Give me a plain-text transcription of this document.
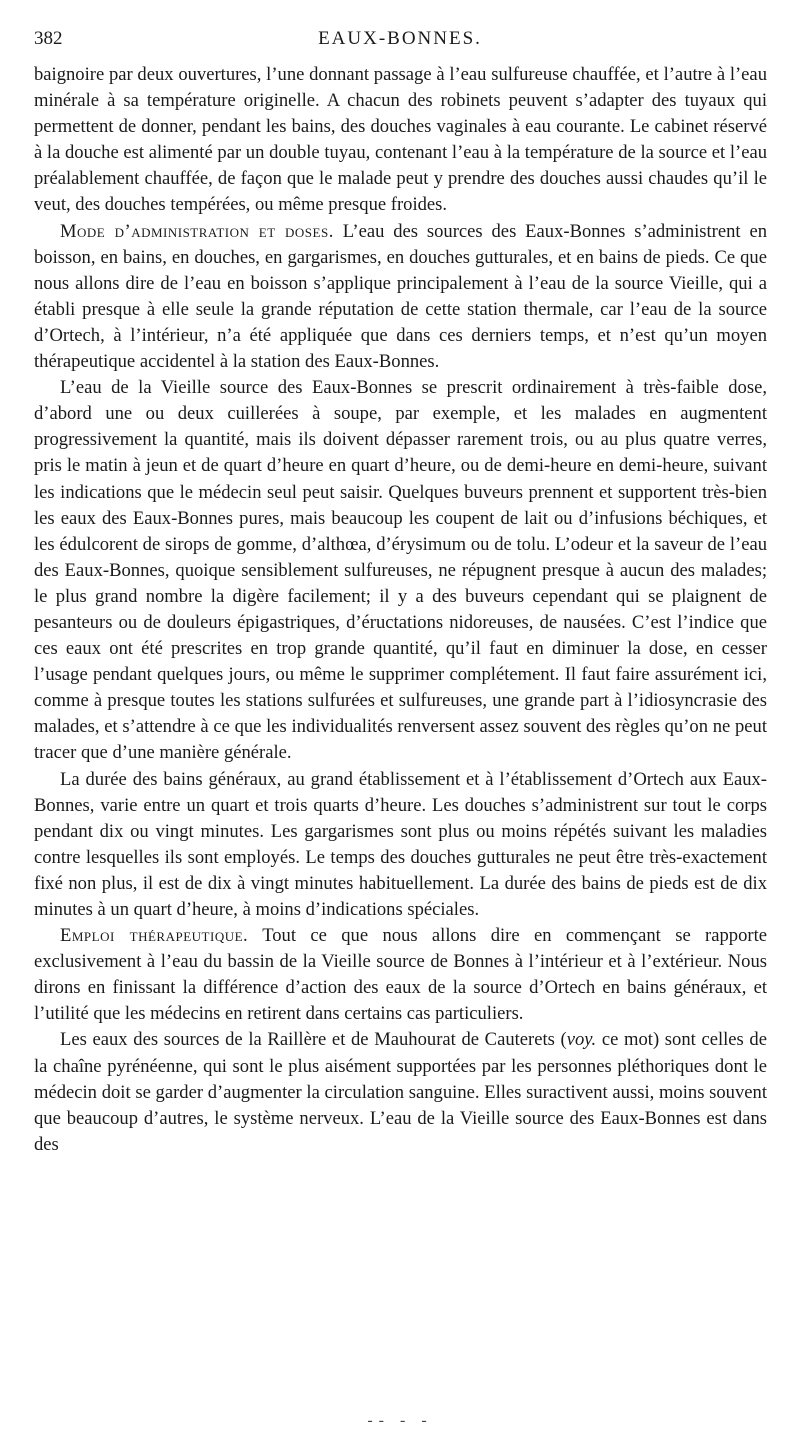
382	EAUX-BONNES.

baignoire par deux ouvertures, l’une donnant passage à l’eau sulfureuse chauffée, et l’autre à l’eau minérale à sa température originelle. A chacun des robinets peuvent s’adapter des tuyaux qui permettent de donner, pendant les bains, des douches vaginales à eau courante. Le cabinet réservé à la douche est alimenté par un double tuyau, contenant l’eau à la température de la source et l’eau préalablement chauffée, de façon que le malade peut y prendre des douches aussi chaudes qu’il le veut, des douches tempérées, ou même presque froides.

Mode d’administration et doses. L’eau des sources des Eaux-Bonnes s’administrent en boisson, en bains, en douches, en gargarismes, en douches gutturales, et en bains de pieds. Ce que nous allons dire de l’eau en boisson s’applique principalement à l’eau de la source Vieille, qui a établi presque à elle seule la grande réputation de cette station thermale, car l’eau de la source d’Ortech, à l’intérieur, n’a été appliquée que dans ces derniers temps, et n’est qu’un moyen thérapeutique accidentel à la station des Eaux-Bonnes.

L’eau de la Vieille source des Eaux-Bonnes se prescrit ordinairement à très-faible dose, d’abord une ou deux cuillerées à soupe, par exemple, et les malades en augmentent progressivement la quantité, mais ils doivent dépasser rarement trois, ou au plus quatre verres, pris le matin à jeun et de quart d’heure en quart d’heure, ou de demi-heure en demi-heure, suivant les indications que le médecin seul peut saisir. Quelques buveurs prennent et supportent très-bien les eaux des Eaux-Bonnes pures, mais beaucoup les coupent de lait ou d’infusions béchiques, et les édulcorent de sirops de gomme, d’althœa, d’érysimum ou de tolu. L’odeur et la saveur de l’eau des Eaux-Bonnes, quoique sensiblement sulfureuses, ne répugnent presque à aucun des malades; le plus grand nombre la digère facilement; il y a des buveurs cependant qui se plaignent de pesanteurs ou de douleurs épigastriques, d’éructations nidoreuses, de nausées. C’est l’indice que ces eaux ont été prescrites en trop grande quantité, qu’il faut en diminuer la dose, en cesser l’usage pendant quelques jours, ou même le supprimer complétement. Il faut faire assurément ici, comme à presque toutes les stations sulfurées et sulfureuses, une grande part à l’idiosyncrasie des malades, et s’attendre à ce que les individualités renversent assez souvent des règles qu’on ne peut tracer que d’une manière générale.

La durée des bains généraux, au grand établissement et à l’établissement d’Ortech aux Eaux-Bonnes, varie entre un quart et trois quarts d’heure. Les douches s’administrent sur tout le corps pendant dix ou vingt minutes. Les gargarismes sont plus ou moins répétés suivant les maladies contre lesquelles ils sont employés. Le temps des douches gutturales ne peut être très-exactement fixé non plus, il est de dix à vingt minutes habituellement. La durée des bains de pieds est de dix minutes à un quart d’heure, à moins d’indications spéciales.

Emploi thérapeutique. Tout ce que nous allons dire en commençant se rapporte exclusivement à l’eau du bassin de la Vieille source de Bonnes à l’intérieur et à l’extérieur. Nous dirons en finissant la différence d’action des eaux de la source d’Ortech en bains généraux, et l’utilité que les médecins en retirent dans certains cas particuliers.

Les eaux des sources de la Raillère et de Mauhourat de Cauterets (voy. ce mot) sont celles de la chaîne pyrénéenne, qui sont le plus aisément supportées par les personnes pléthoriques dont le médecin doit se garder d’augmenter la circulation sanguine. Elles suractivent aussi, moins souvent que beaucoup d’autres, le système nerveux. L’eau de la Vieille source des Eaux-Bonnes est dans des

-- - -
